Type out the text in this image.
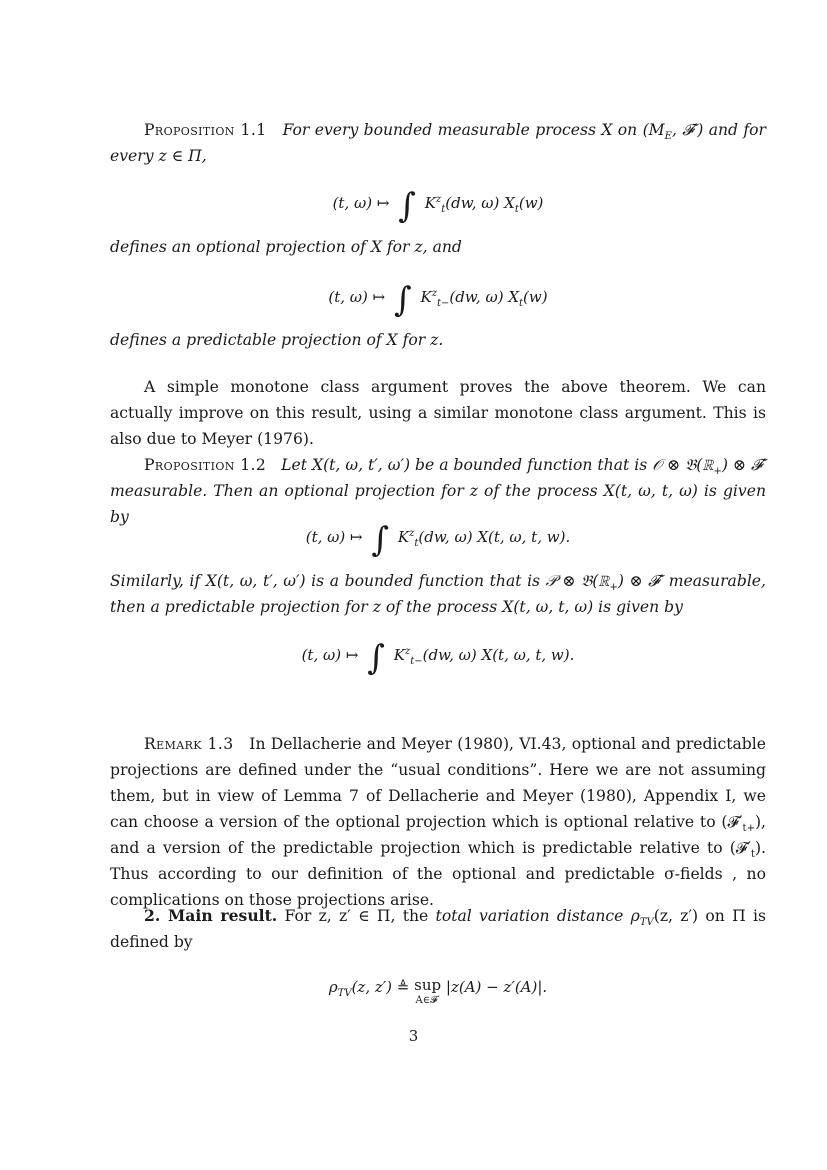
Proposition 1.1 For every bounded measurable process X on ($M_E$, 𝓕′) and for every z ∈ Π,
(t, ω) ↦ ∫ $K^z_t(dw$, ω) $X_t(w)$
defines an optional projection of X for z, and
(t, ω) ↦ ∫ $K^z_{t-}(dw$, ω) $X_t(w)$
defines a predictable projection of X for z.
A simple monotone class argument proves the above theorem. We can actually improve on this result, using a similar monotone class argument. This is also due to Meyer (1976).
Proposition 1.2 Let X(t, ω, t′, ω′) be a bounded function that is 𝒪 ⊗ 𝔅(ℝ$_+$) ⊗ 𝓕′ measurable. Then an optional projection for z of the process X(t, ω, t, ω) is given by
(t, ω) ↦ ∫ $K^z_t(dw$, ω) X(t, ω, t, w).
Similarly, if X(t, ω, t′, ω′) is a bounded function that is 𝒫 ⊗ 𝔅(ℝ$_+$) ⊗ 𝓕′ measurable, then a predictable projection for z of the process X(t, ω, t, ω) is given by
(t, ω) ↦ ∫ $K^z_{t-}(dw$, ω) X(t, ω, t, w).
Remark 1.3 In Dellacherie and Meyer (1980), VI.43, optional and predictable projections are defined under the “usual conditions”. Here we are not assuming them, but in view of Lemma 7 of Dellacherie and Meyer (1980), Appendix I, we can choose a version of the optional projection which is optional relative to $(𝓕'_{t+})$, and a version of the predictable projection which is predictable relative to $(𝓕'_t)$. Thus according to our definition of the optional and predictable σ-fields , no complications on those projections arise.
2. Main result. For z, z′ ∈ Π, the total variation distance $\rho_{TV}(z$, z′) on Π is defined by
$\rho_{TV}(z$, z′) ≜ sup
A∈𝓕′
|z(A) − z′(A)|.
3
